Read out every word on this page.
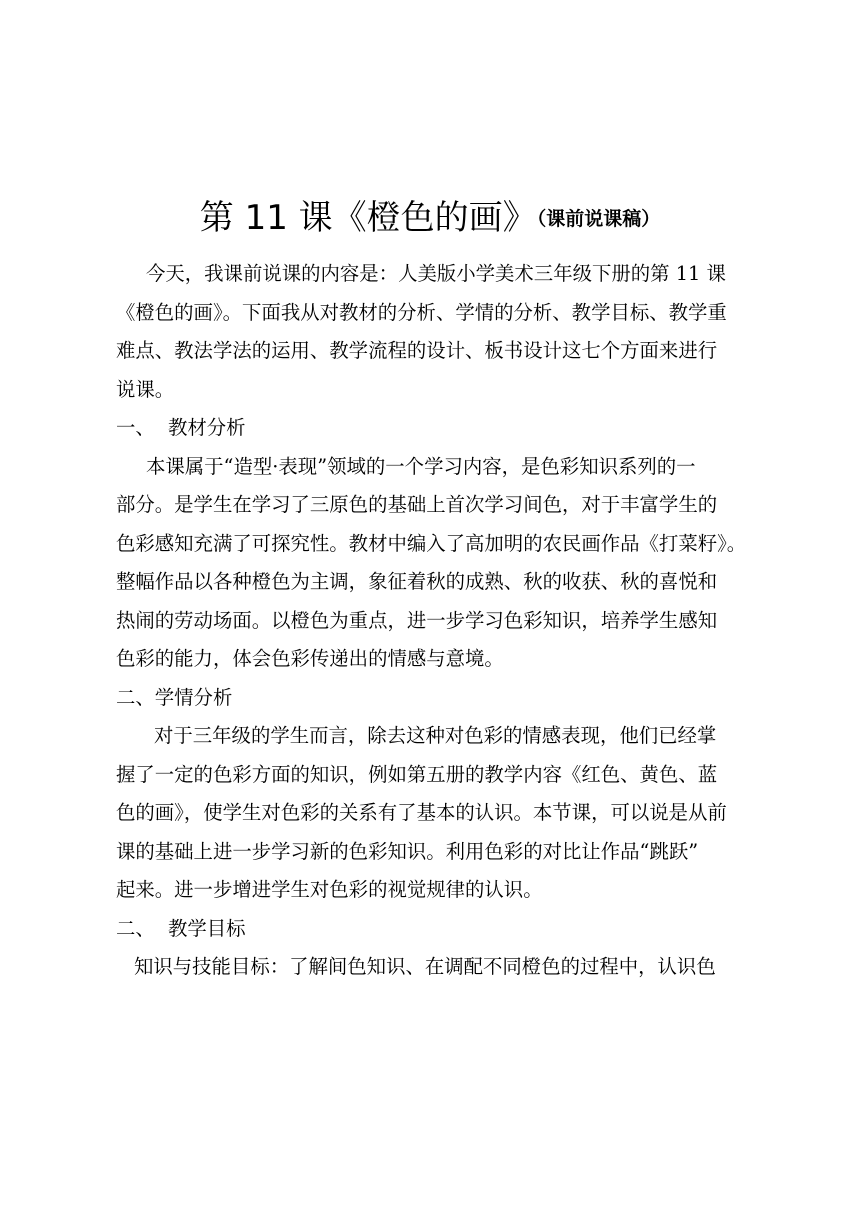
第 11 课《橙色的画》$^{(课前说课稿)}$
今天，我课前说课的内容是：人美版小学美术三年级下册的第 11 课
《橙色的画》。下面我从对教材的分析、学情的分析、教学目标、教学重
难点、教法学法的运用、教学流程的设计、板书设计这七个方面来进行
说课。
一、 教材分析
本课属于“造型·表现”领域的一个学习内容，是色彩知识系列的一
部分。是学生在学习了三原色的基础上首次学习间色，对于丰富学生的
色彩感知充满了可探究性。教材中编入了高加明的农民画作品《打菜籽》。
整幅作品以各种橙色为主调，象征着秋的成熟、秋的收获、秋的喜悦和
热闹的劳动场面。以橙色为重点，进一步学习色彩知识，培养学生感知
色彩的能力，体会色彩传递出的情感与意境。
二、学情分析
对于三年级的学生而言，除去这种对色彩的情感表现，他们已经掌
握了一定的色彩方面的知识，例如第五册的教学内容《红色、黄色、蓝
色的画》，使学生对色彩的关系有了基本的认识。本节课，可以说是从前
课的基础上进一步学习新的色彩知识。利用色彩的对比让作品“跳跃”
起来。进一步增进学生对色彩的视觉规律的认识。
二、 教学目标
知识与技能目标：了解间色知识、在调配不同橙色的过程中，认识色
